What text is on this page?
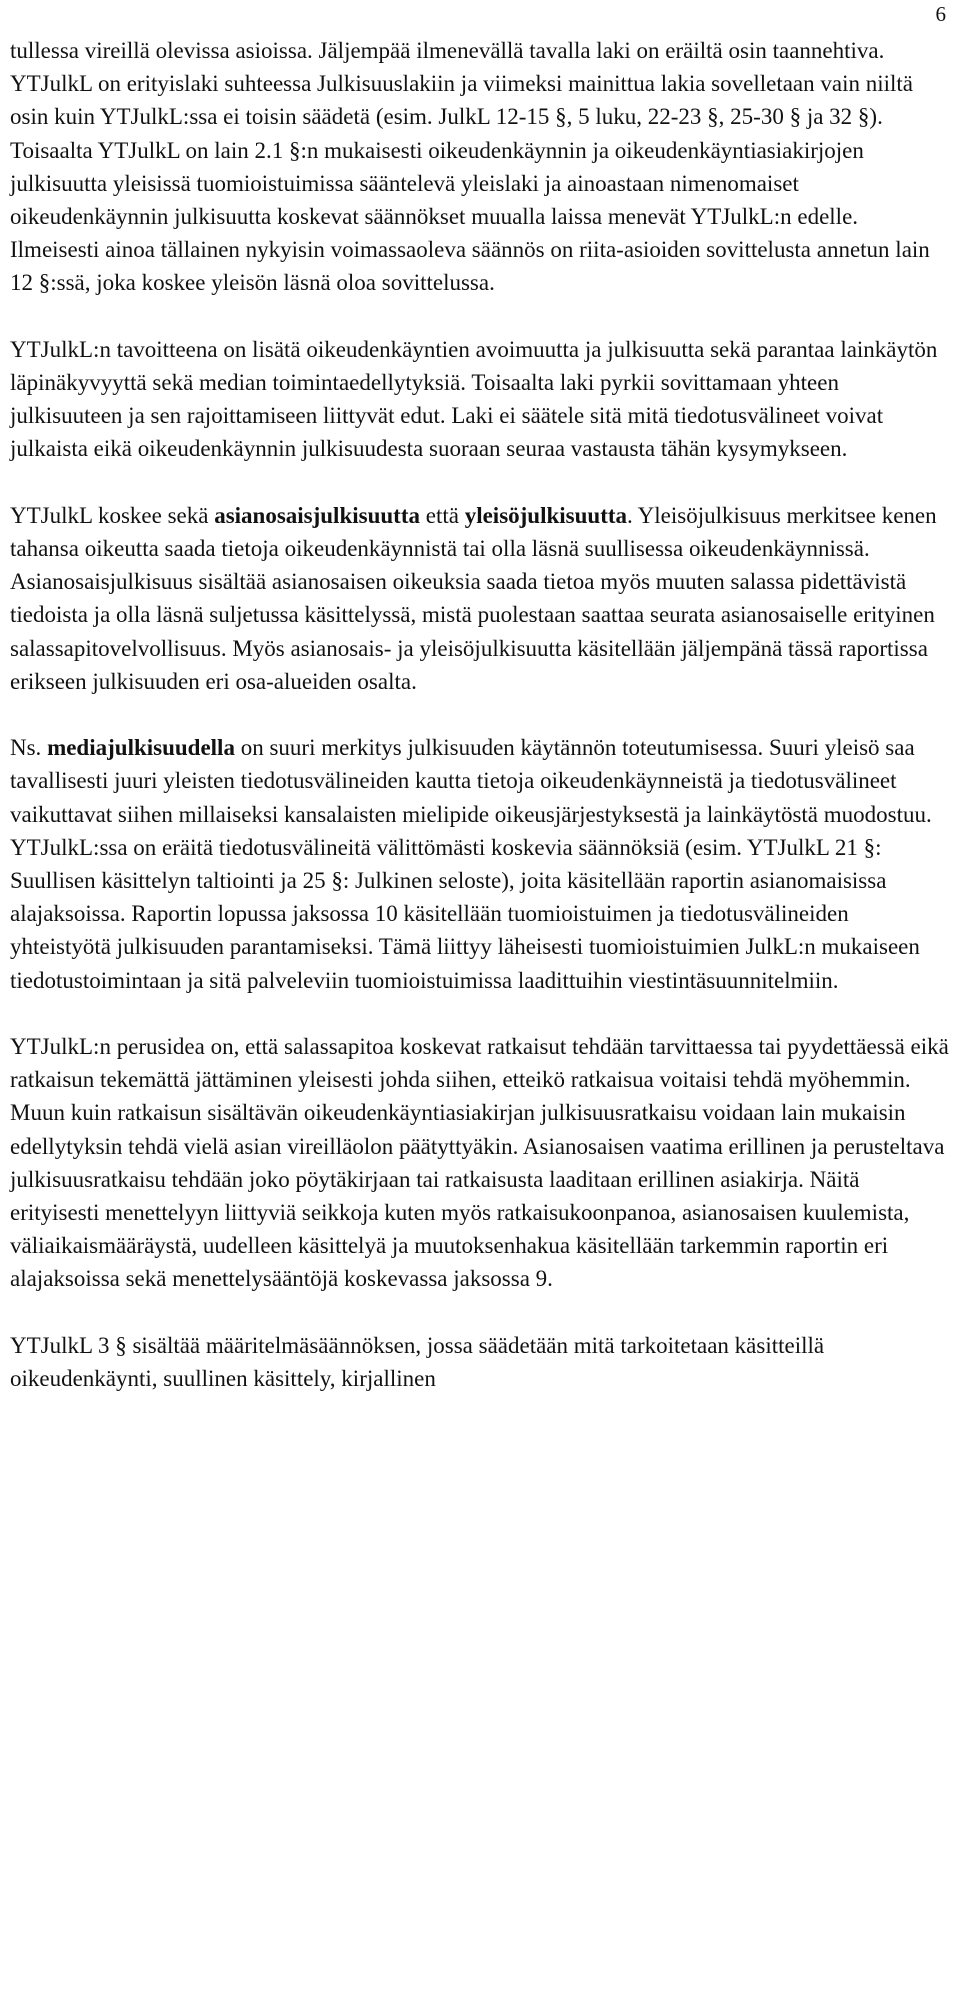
6

tullessa vireillä olevissa asioissa. Jäljempää ilmenevällä tavalla laki on eräiltä osin taannehtiva. YTJulkL on erityislaki suhteessa Julkisuuslakiin ja viimeksi mainittua lakia sovelletaan vain niiltä osin kuin YTJulkL:ssa ei toisin säädetä (esim. JulkL 12-15 §, 5 luku, 22-23 §, 25-30 § ja 32 §). Toisaalta YTJulkL on lain 2.1 §:n mukaisesti oikeudenkäynnin ja oikeudenkäyntiasiakirjojen julkisuutta yleisissä tuomioistuimissa sääntelevä yleislaki ja ainoastaan nimenomaiset oikeudenkäynnin julkisuutta koskevat säännökset muualla laissa menevät YTJulkL:n edelle. Ilmeisesti ainoa tällainen nykyisin voimassaoleva säännös on riita-asioiden sovittelusta annetun lain 12 §:ssä, joka koskee yleisön läsnä oloa sovittelussa.

YTJulkL:n tavoitteena on lisätä oikeudenkäyntien avoimuutta ja julkisuutta sekä parantaa lainkäytön läpinäkyvyyttä sekä median toimintaedellytyksiä. Toisaalta laki pyrkii sovittamaan yhteen julkisuuteen ja sen rajoittamiseen liittyvät edut. Laki ei säätele sitä mitä tiedotusvälineet voivat julkaista eikä oikeudenkäynnin julkisuudesta suoraan seuraa vastausta tähän kysymykseen.

YTJulkL koskee sekä asianosaisjulkisuutta että yleisöjulkisuutta. Yleisöjulkisuus merkitsee kenen tahansa oikeutta saada tietoja oikeudenkäynnistä tai olla läsnä suullisessa oikeudenkäynnissä. Asianosaisjulkisuus sisältää asianosaisen oikeuksia saada tietoa myös muuten salassa pidettävistä tiedoista ja olla läsnä suljetussa käsittelyssä, mistä puolestaan saattaa seurata asianosaiselle erityinen salassapitovelvollisuus. Myös asianosais- ja yleisöjulkisuutta käsitellään jäljempänä tässä raportissa erikseen julkisuuden eri osa-alueiden osalta.

Ns. mediajulkisuudella on suuri merkitys julkisuuden käytännön toteutumisessa. Suuri yleisö saa tavallisesti juuri yleisten tiedotusvälineiden kautta tietoja oikeudenkäynneistä ja tiedotusvälineet vaikuttavat siihen millaiseksi kansalaisten mielipide oikeusjärjestyksestä ja lainkäytöstä muodostuu. YTJulkL:ssa on eräitä tiedotusvälineitä välittömästi koskevia säännöksiä (esim. YTJulkL 21 §: Suullisen käsittelyn taltiointi ja 25 §: Julkinen seloste), joita käsitellään raportin asianomaisissa alajaksoissa. Raportin lopussa jaksossa 10 käsitellään tuomioistuimen ja tiedotusvälineiden yhteistyötä julkisuuden parantamiseksi. Tämä liittyy läheisesti tuomioistuimien JulkL:n mukaiseen tiedotustoimintaan ja sitä palveleviin tuomioistuimissa laadittuihin viestintäsuunnitelmiin.

YTJulkL:n perusidea on, että salassapitoa koskevat ratkaisut tehdään tarvittaessa tai pyydettäessä eikä ratkaisun tekemättä jättäminen yleisesti johda siihen, etteikö ratkaisua voitaisi tehdä myöhemmin. Muun kuin ratkaisun sisältävän oikeudenkäyntiasiakirjan julkisuusratkaisu voidaan lain mukaisin edellytyksin tehdä vielä asian vireilläolon päätyttyäkin. Asianosaisen vaatima erillinen ja perusteltava julkisuusratkaisu tehdään joko pöytäkirjaan tai ratkaisusta laaditaan erillinen asiakirja. Näitä erityisesti menettelyyn liittyviä seikkoja kuten myös ratkaisukoonpanoa, asianosaisen kuulemista, väliaikaismääräystä, uudelleen käsittelyä ja muutoksenhakua käsitellään tarkemmin raportin eri alajaksoissa sekä menettelysääntöjä koskevassa jaksossa 9.

YTJulkL 3 § sisältää määritelmäsäännöksen, jossa säädetään mitä tarkoitetaan käsitteillä oikeudenkäynti, suullinen käsittely, kirjallinen
